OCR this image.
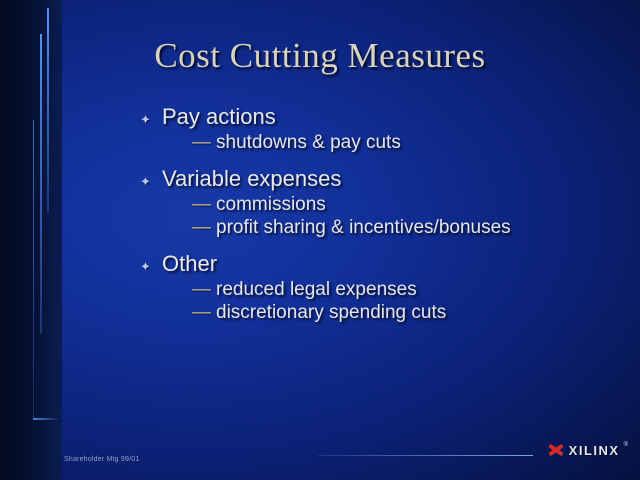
Cost Cutting Measures
✦ Pay actions
— shutdowns & pay cuts
✦ Variable expenses
— commissions
— profit sharing & incentives/bonuses
✦ Other
— reduced legal expenses
— discretionary spending cuts
Shareholder Mtg 99/01
XILINX ®
